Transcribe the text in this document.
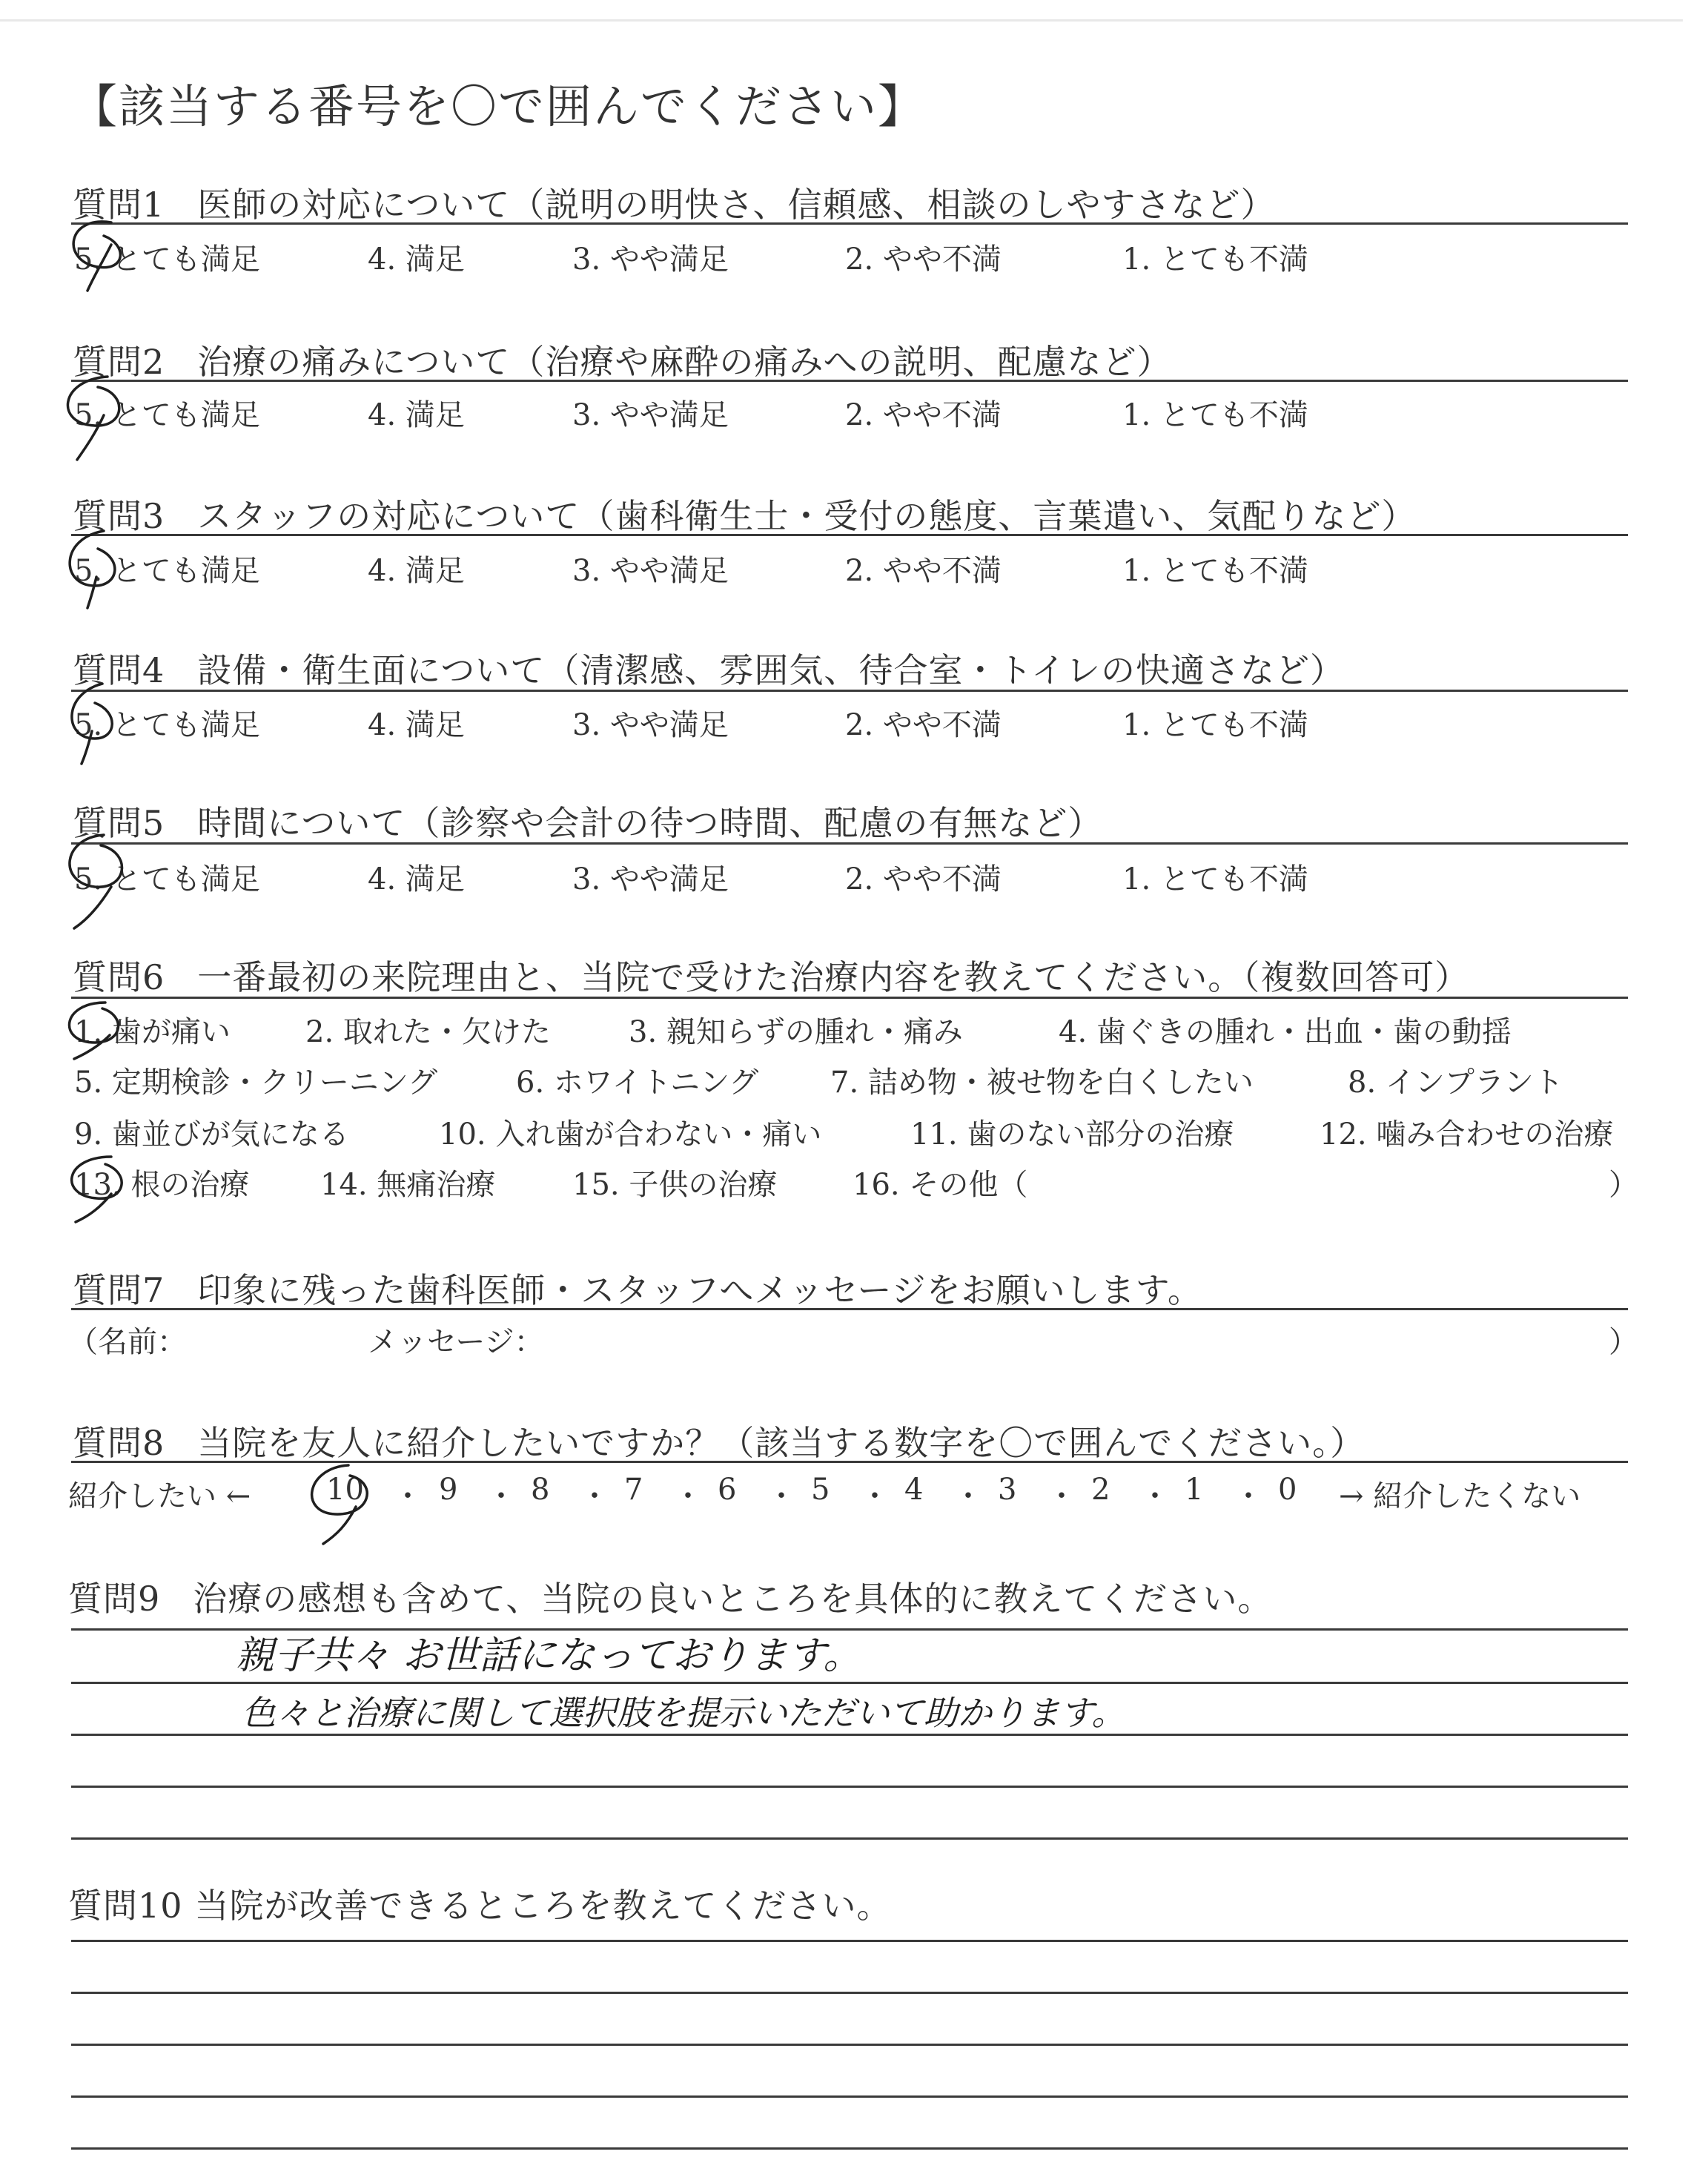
【該当する番号を〇で囲んでください】
質問1 医師の対応について（説明の明快さ、信頼感、相談のしやすさなど）
5. とても満足	4. 満足	3. やや満足	2. やや不満	1. とても不満
質問2 治療の痛みについて（治療や麻酔の痛みへの説明、配慮など）
5. とても満足	4. 満足	3. やや満足	2. やや不満	1. とても不満
質問3 スタッフの対応について（歯科衛生士・受付の態度、言葉遣い、気配りなど）
5. とても満足	4. 満足	3. やや満足	2. やや不満	1. とても不満
質問4 設備・衛生面について（清潔感、雰囲気、待合室・トイレの快適さなど）
5. とても満足	4. 満足	3. やや満足	2. やや不満	1. とても不満
質問5 時間について（診察や会計の待つ時間、配慮の有無など）
5. とても満足	4. 満足	3. やや満足	2. やや不満	1. とても不満
質問6 一番最初の来院理由と、当院で受けた治療内容を教えてください。（複数回答可）
1. 歯が痛い	2. 取れた・欠けた	3. 親知らずの腫れ・痛み	4. 歯ぐきの腫れ・出血・歯の動揺
5. 定期検診・クリーニング	6. ホワイトニング 7. 詰め物・被せ物を白くしたい	8. インプラント
9. 歯並びが気になる	10. 入れ歯が合わない・痛い	11. 歯のない部分の治療	12. 噛み合わせの治療
13. 根の治療 14. 無痛治療	15. 子供の治療	16. その他（	）
質問7 印象に残った歯科医師・スタッフへメッセージをお願いします。
（名前：	メッセージ：	）
質問8 当院を友人に紹介したいですか？（該当する数字を〇で囲んでください。）
紹介したい ←	10 ・ 9 ・ 8 ・ 7 ・ 6 ・ 5 ・ 4 ・ 3 ・ 2 ・ 1 ・ 0 → 紹介したくない
質問9 治療の感想も含めて、当院の良いところを具体的に教えてください。
質問10 当院が改善できるところを教えてください。
親子共々 お世話になっております。
色々と治療に関して選択肢を提示いただいて助かります。
